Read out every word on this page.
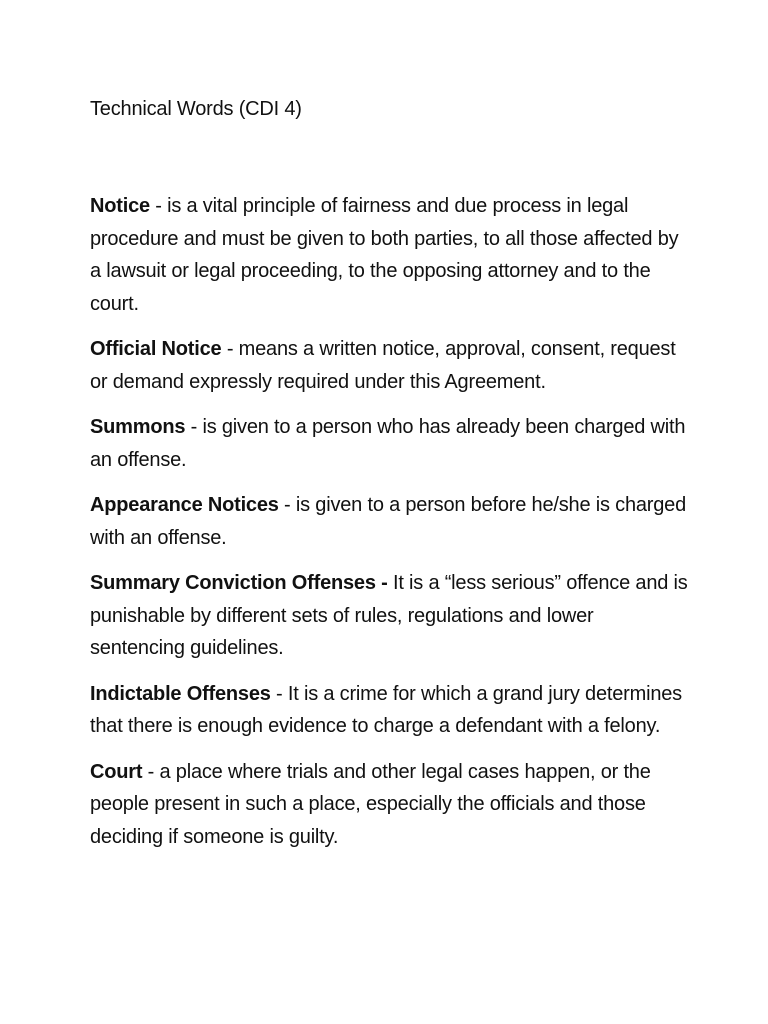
Technical Words (CDI 4)

Notice - is a vital principle of fairness and due process in legal procedure and must be given to both parties, to all those affected by a lawsuit or legal proceeding, to the opposing attorney and to the court.

Official Notice - means a written notice, approval, consent, request or demand expressly required under this Agreement.

Summons - is given to a person who has already been charged with an offense.

Appearance Notices - is given to a person before he/she is charged with an offense.

Summary Conviction Offenses - It is a “less serious” offence and is punishable by different sets of rules, regulations and lower sentencing guidelines.

Indictable Offenses - It is a crime for which a grand jury determines that there is enough evidence to charge a defendant with a felony.

Court - a place where trials and other legal cases happen, or the people present in such a place, especially the officials and those deciding if someone is guilty.
